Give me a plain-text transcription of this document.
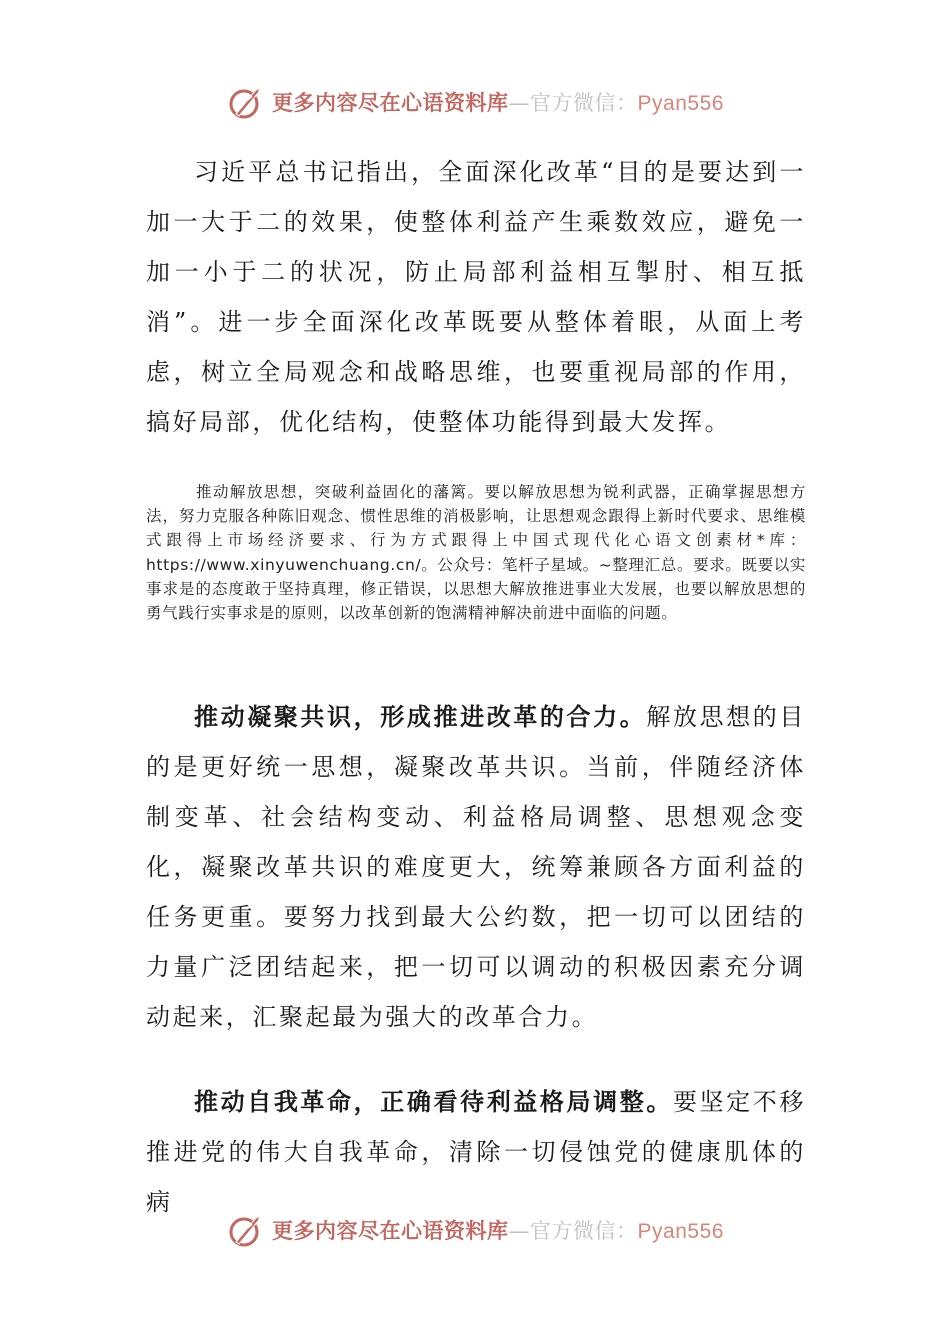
更多内容尽在心语资料库—官方微信：Pyan556

习近平总书记指出，全面深化改革“目的是要达到一加一大于二的效果，使整体利益产生乘数效应，避免一加一小于二的状况，防止局部利益相互掣肘、相互抵消”。进一步全面深化改革既要从整体着眼，从面上考虑，树立全局观念和战略思维，也要重视局部的作用，搞好局部，优化结构，使整体功能得到最大发挥。

推动解放思想，突破利益固化的藩篱。要以解放思想为锐利武器，正确掌握思想方法，努力克服各种陈旧观念、惯性思维的消极影响，让思想观念跟得上新时代要求、思维模式跟得上市场经济要求、行为方式跟得上中国式现代化心语文创素材*库：https://www.xinyuwenchuang.cn/。公众号：笔杆子星域。~整理汇总。要求。既要以实事求是的态度敢于坚持真理，修正错误，以思想大解放推进事业大发展，也要以解放思想的勇气践行实事求是的原则，以改革创新的饱满精神解决前进中面临的问题。

推动凝聚共识，形成推进改革的合力。解放思想的目的是更好统一思想，凝聚改革共识。当前，伴随经济体制变革、社会结构变动、利益格局调整、思想观念变化，凝聚改革共识的难度更大，统筹兼顾各方面利益的任务更重。要努力找到最大公约数，把一切可以团结的力量广泛团结起来，把一切可以调动的积极因素充分调动起来，汇聚起最为强大的改革合力。

推动自我革命，正确看待利益格局调整。要坚定不移推进党的伟大自我革命，清除一切侵蚀党的健康肌体的病

更多内容尽在心语资料库—官方微信：Pyan556
